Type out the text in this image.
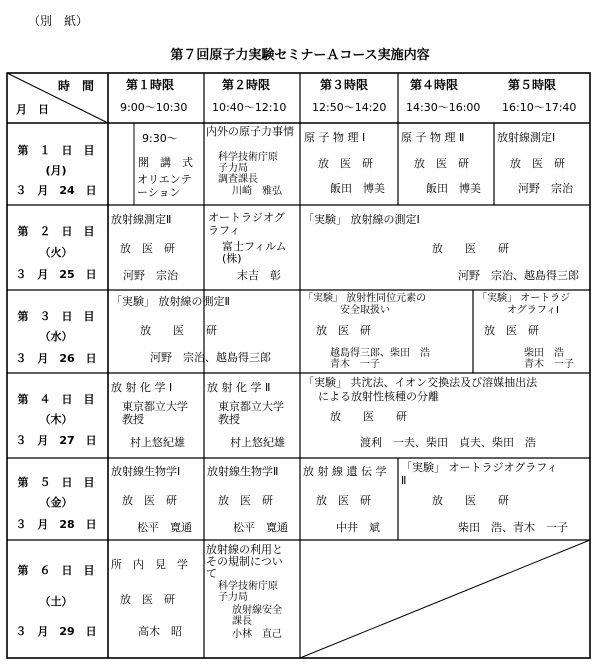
（別　紙）
第７回原子力実験セミナーＡコース実施内容
時　間
月　日
第１時限
9:00～10:30
第２時限
10:40～12:10
第３時限
12:50～14:20
第４時限
14:30～16:00
第５時限
16:10～17:40
第　１　日　目
(月)
３　月　24　日
第　２　日　目
（火）
３　月　25　日
第　３　日　目
（水）
３　月　26　日
第　４　日　目
（木）
３　月　27　日
第　５　日　目
（金）
３　月　28　日
第　６　日　目
（土）
３　月　29　日
9:30～
開　講　式
オリエンテ
ーション
内外の原子力事情
科学技術庁原
子力局
調査課長
川崎　雅弘
原 子 物 理 Ⅰ
放　医　研
飯田　博美
原 子 物 理 Ⅱ
放　医　研
飯田　博美
放射線測定Ⅰ
放　医　研
河野　宗治
放射線測定Ⅱ
放　医　研
河野　宗治
オートラジオグ
ラフィ
富士フィルム
(株)
末吉　彰
「実験」 放射線の測定Ⅰ
放　　医　　研
河野　宗治、越島得三郎
「実験」 放射線の測定Ⅱ
放　　医　　研
河野　宗治、越島得三郎
「実験」 放射性同位元素の
安全取扱い
放　医　研
越島得三郎、柴田　浩
青木　一子
「実験」 オートラジ
オグラフィⅠ
放　医　研
柴田　浩
青木　一子
放 射 化 学 Ⅰ
東京都立大学
教授
村上悠紀雄
放 射 化 学 Ⅱ
東京都立大学
教授
村上悠紀雄
「実験」 共沈法、イオン交換法及び溶媒抽出法
による放射性核種の分離
放　　医　　研
渡利　一夫、柴田　貞夫、柴田　浩
放射線生物学Ⅰ
放　医　研
松平　寛通
放射線生物学Ⅱ
放　医　研
松平　寛通
放 射 線 遺 伝 学
放　医　研
中井　斌
「実験」 オートラジオグラフィ
Ⅱ
放　　医　　研
柴田　浩、青木　一子
所　内　見　学
放　医　研
高木　昭
放射線の利用と
その規制につい
て
科学技術庁原
子力局
放射線安全
課長
小林　直己
